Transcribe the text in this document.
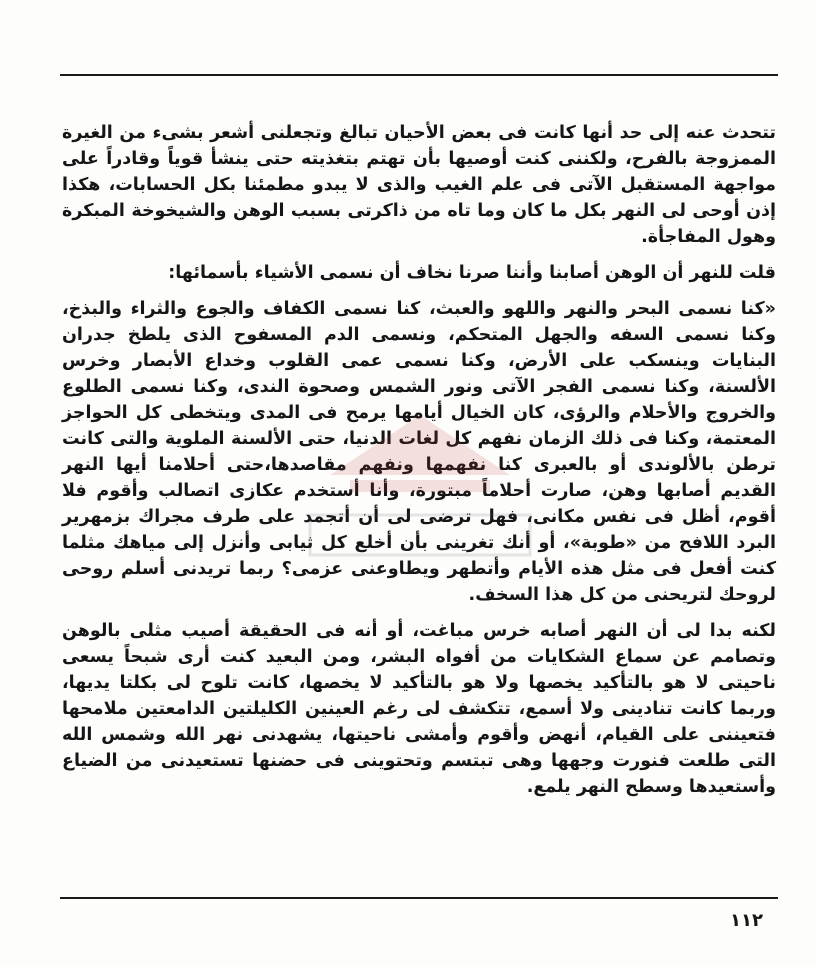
تتحدث عنه إلى حد أنها كانت فى بعض الأحيان تبالغ وتجعلنى أشعر بشىء من الغيرة الممزوجة بالفرح، ولكننى كنت أوصيها بأن تهتم بتغذيته حتى ينشأ قوياً وقادراً على مواجهة المستقبل الآتى فى علم الغيب والذى لا يبدو مطمئنا بكل الحسابات، هكذا إذن أوحى لى النهر بكل ما كان وما تاه من ذاكرتى بسبب الوهن والشيخوخة المبكرة وهول المفاجأة.

قلت للنهر أن الوهن أصابنا وأننا صرنا نخاف أن نسمى الأشياء بأسمائها:

«كنا نسمى البحر والنهر واللهو والعبث، كنا نسمى الكفاف والجوع والثراء والبذخ، وكنا نسمى السفه والجهل المتحكم، ونسمى الدم المسفوح الذى يلطخ جدران البنايات وينسكب على الأرض، وكنا نسمى عمى القلوب وخداع الأبصار وخرس الألسنة، وكنا نسمى الفجر الآتى ونور الشمس وصحوة الندى، وكنا نسمى الطلوع والخروج والأحلام والرؤى، كان الخيال أيامها يرمح فى المدى ويتخطى كل الحواجز المعتمة، وكنا فى ذلك الزمان نفهم كل لغات الدنيا، حتى الألسنة الملوية والتى كانت ترطن بالألوندى أو بالعبرى كنا نفهمها ونفهم مقاصدها،حتى أحلامنا أيها النهر القديم أصابها وهن، صارت أحلاماً مبتورة، وأنا أستخدم عكازى اتصالب وأقوم فلا أقوم، أظل فى نفس مكانى، فهل ترضى لى أن أتجمد على طرف مجراك بزمهرير البرد اللافح من «طوبة»، أو أنك تغرينى بأن أخلع كل ثيابى وأنزل إلى مياهك مثلما كنت أفعل فى مثل هذه الأيام وأتطهر ويطاوعنى عزمى؟ ربما تريدنى أسلم روحى لروحك لتريحنى من كل هذا السخف.

لكنه بدا لى أن النهر أصابه خرس مباغت، أو أنه فى الحقيقة أصيب مثلى بالوهن وتصامم عن سماع الشكايات من أفواه البشر، ومن البعيد كنت أرى شبحاً يسعى ناحيتى لا هو بالتأكيد يخصها ولا هو بالتأكيد لا يخصها، كانت تلوح لى بكلتا يديها، وربما كانت تنادينى ولا أسمع، تتكشف لى رغم العينين الكليلتين الدامعتين ملامحها فتعيننى على القيام، أنهض وأقوم وأمشى ناحيتها، يشهدنى نهر الله وشمس الله التى طلعت فنورت وجهها وهى تبتسم وتحتوينى فى حضنها تستعيدنى من الضياع وأستعيدها وسطح النهر يلمع.

١١٢
